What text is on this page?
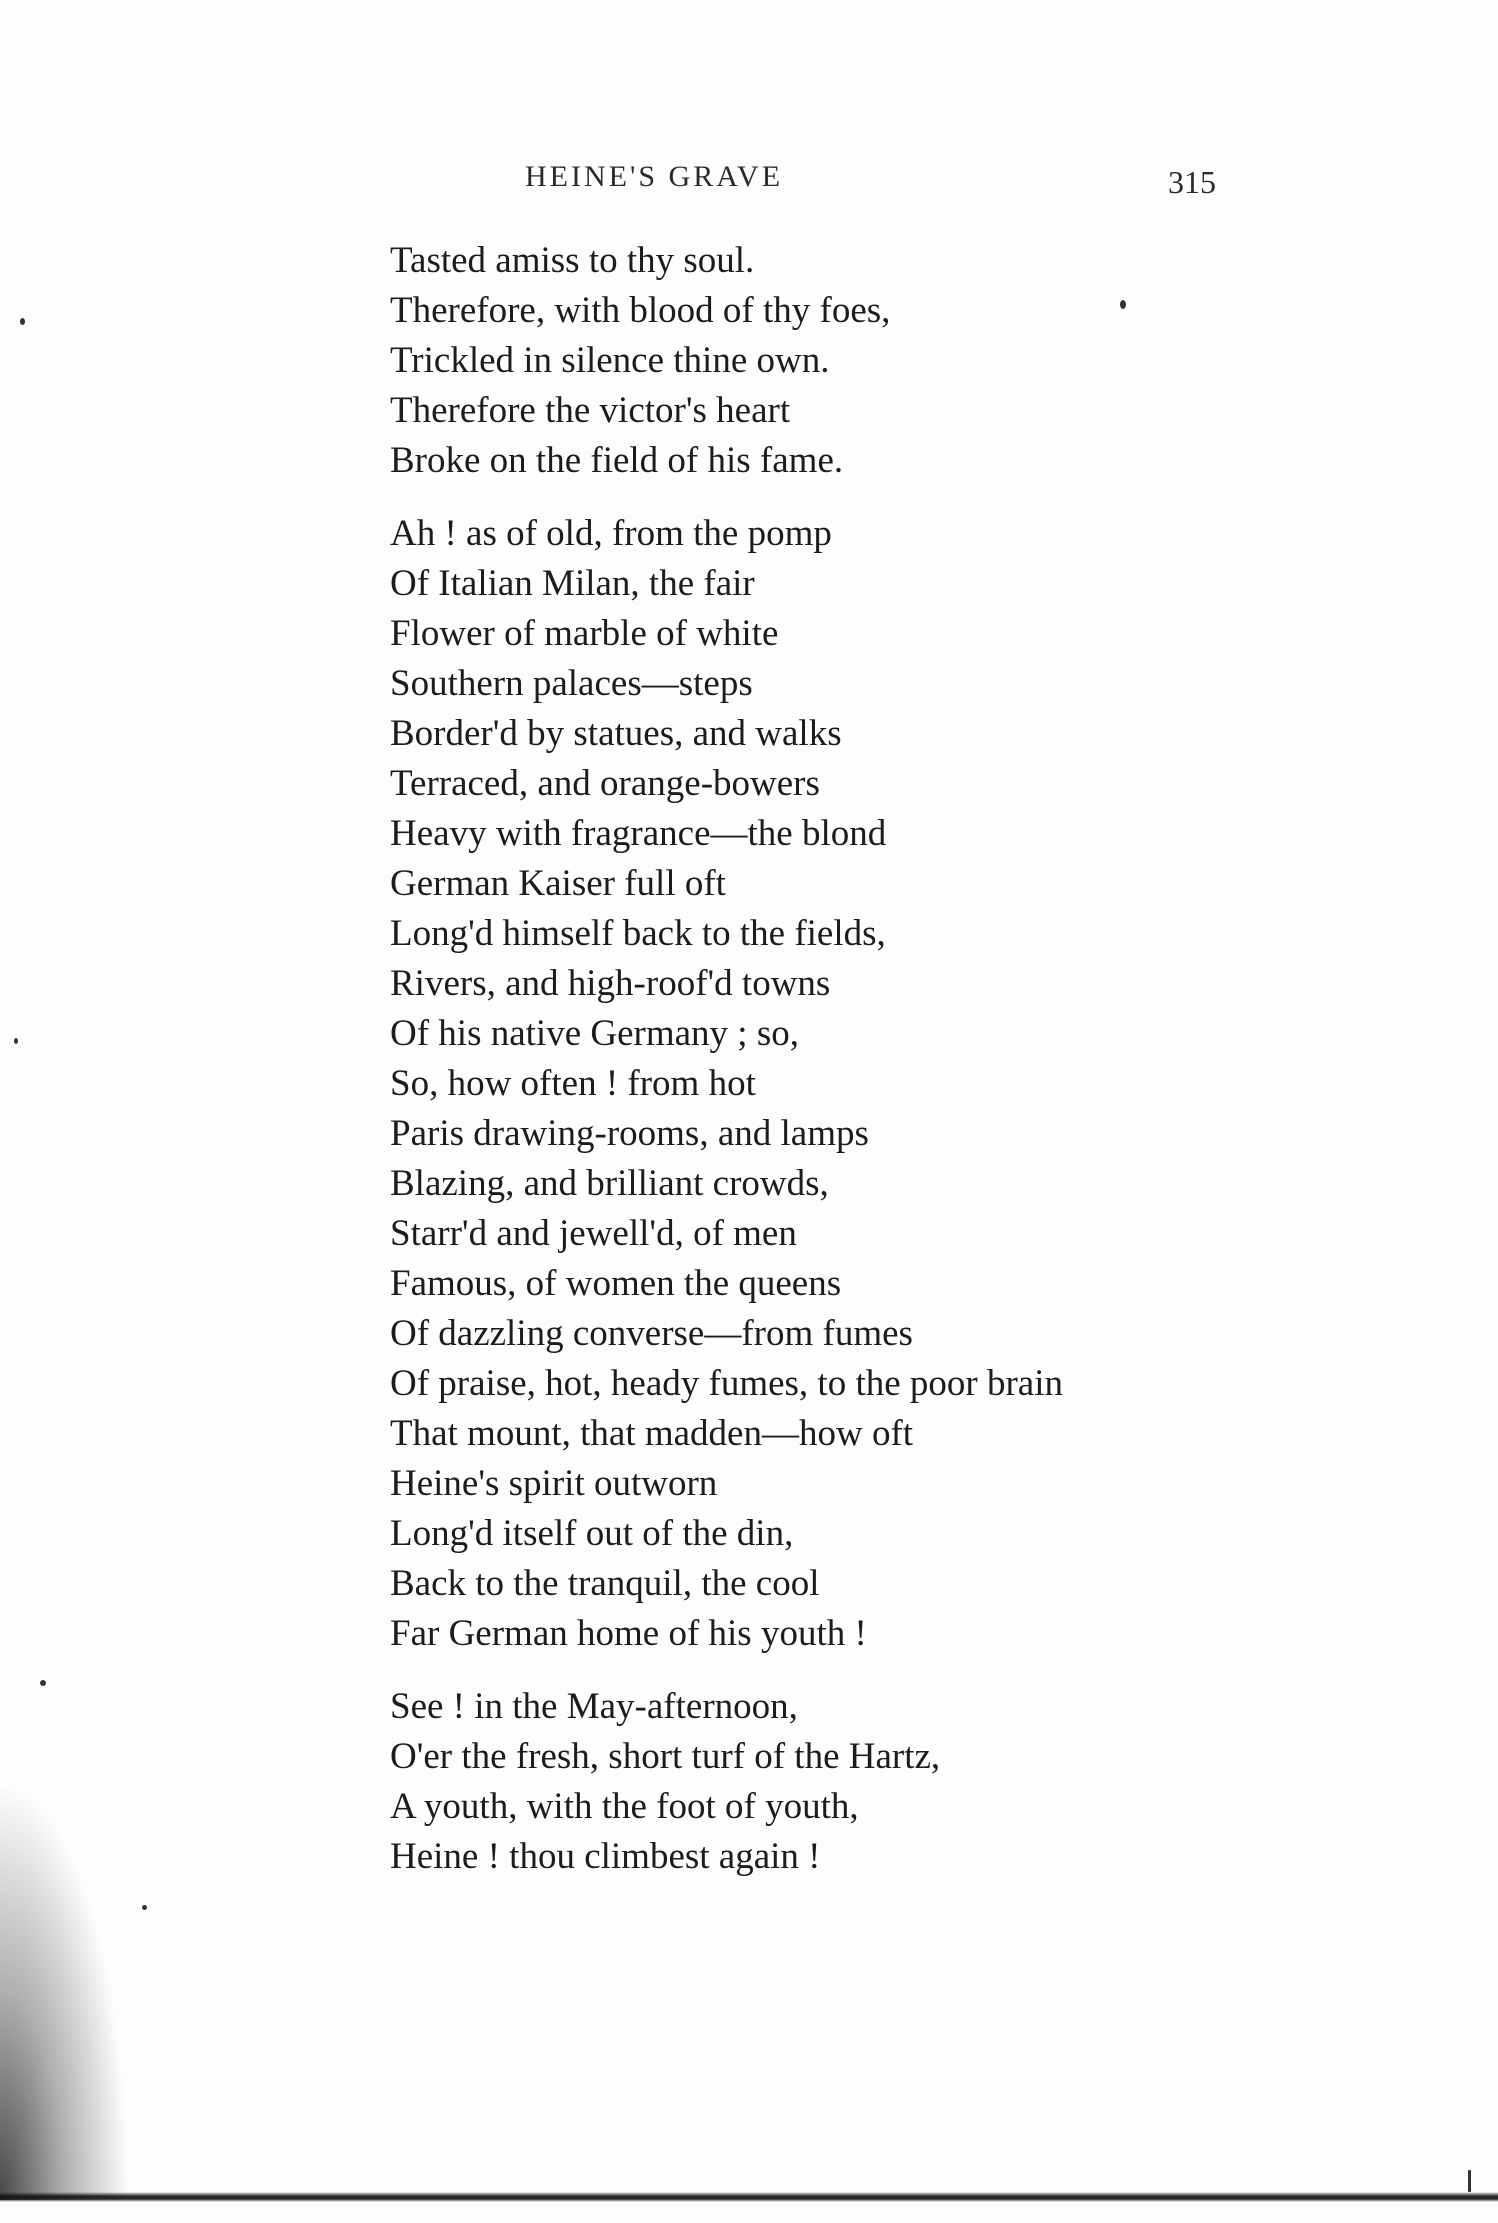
HEINE'S GRAVE	315
Tasted amiss to thy soul.
Therefore, with blood of thy foes,
Trickled in silence thine own.
Therefore the victor's heart
Broke on the field of his fame.
Ah ! as of old, from the pomp
Of Italian Milan, the fair
Flower of marble of white
Southern palaces—steps
Border'd by statues, and walks
Terraced, and orange-bowers
Heavy with fragrance—the blond
German Kaiser full oft
Long'd himself back to the fields,
Rivers, and high-roof'd towns
Of his native Germany ; so,
So, how often ! from hot
Paris drawing-rooms, and lamps
Blazing, and brilliant crowds,
Starr'd and jewell'd, of men
Famous, of women the queens
Of dazzling converse—from fumes
Of praise, hot, heady fumes, to the poor brain
That mount, that madden—how oft
Heine's spirit outworn
Long'd itself out of the din,
Back to the tranquil, the cool
Far German home of his youth !
See ! in the May-afternoon,
O'er the fresh, short turf of the Hartz,
A youth, with the foot of youth,
Heine ! thou climbest again !
